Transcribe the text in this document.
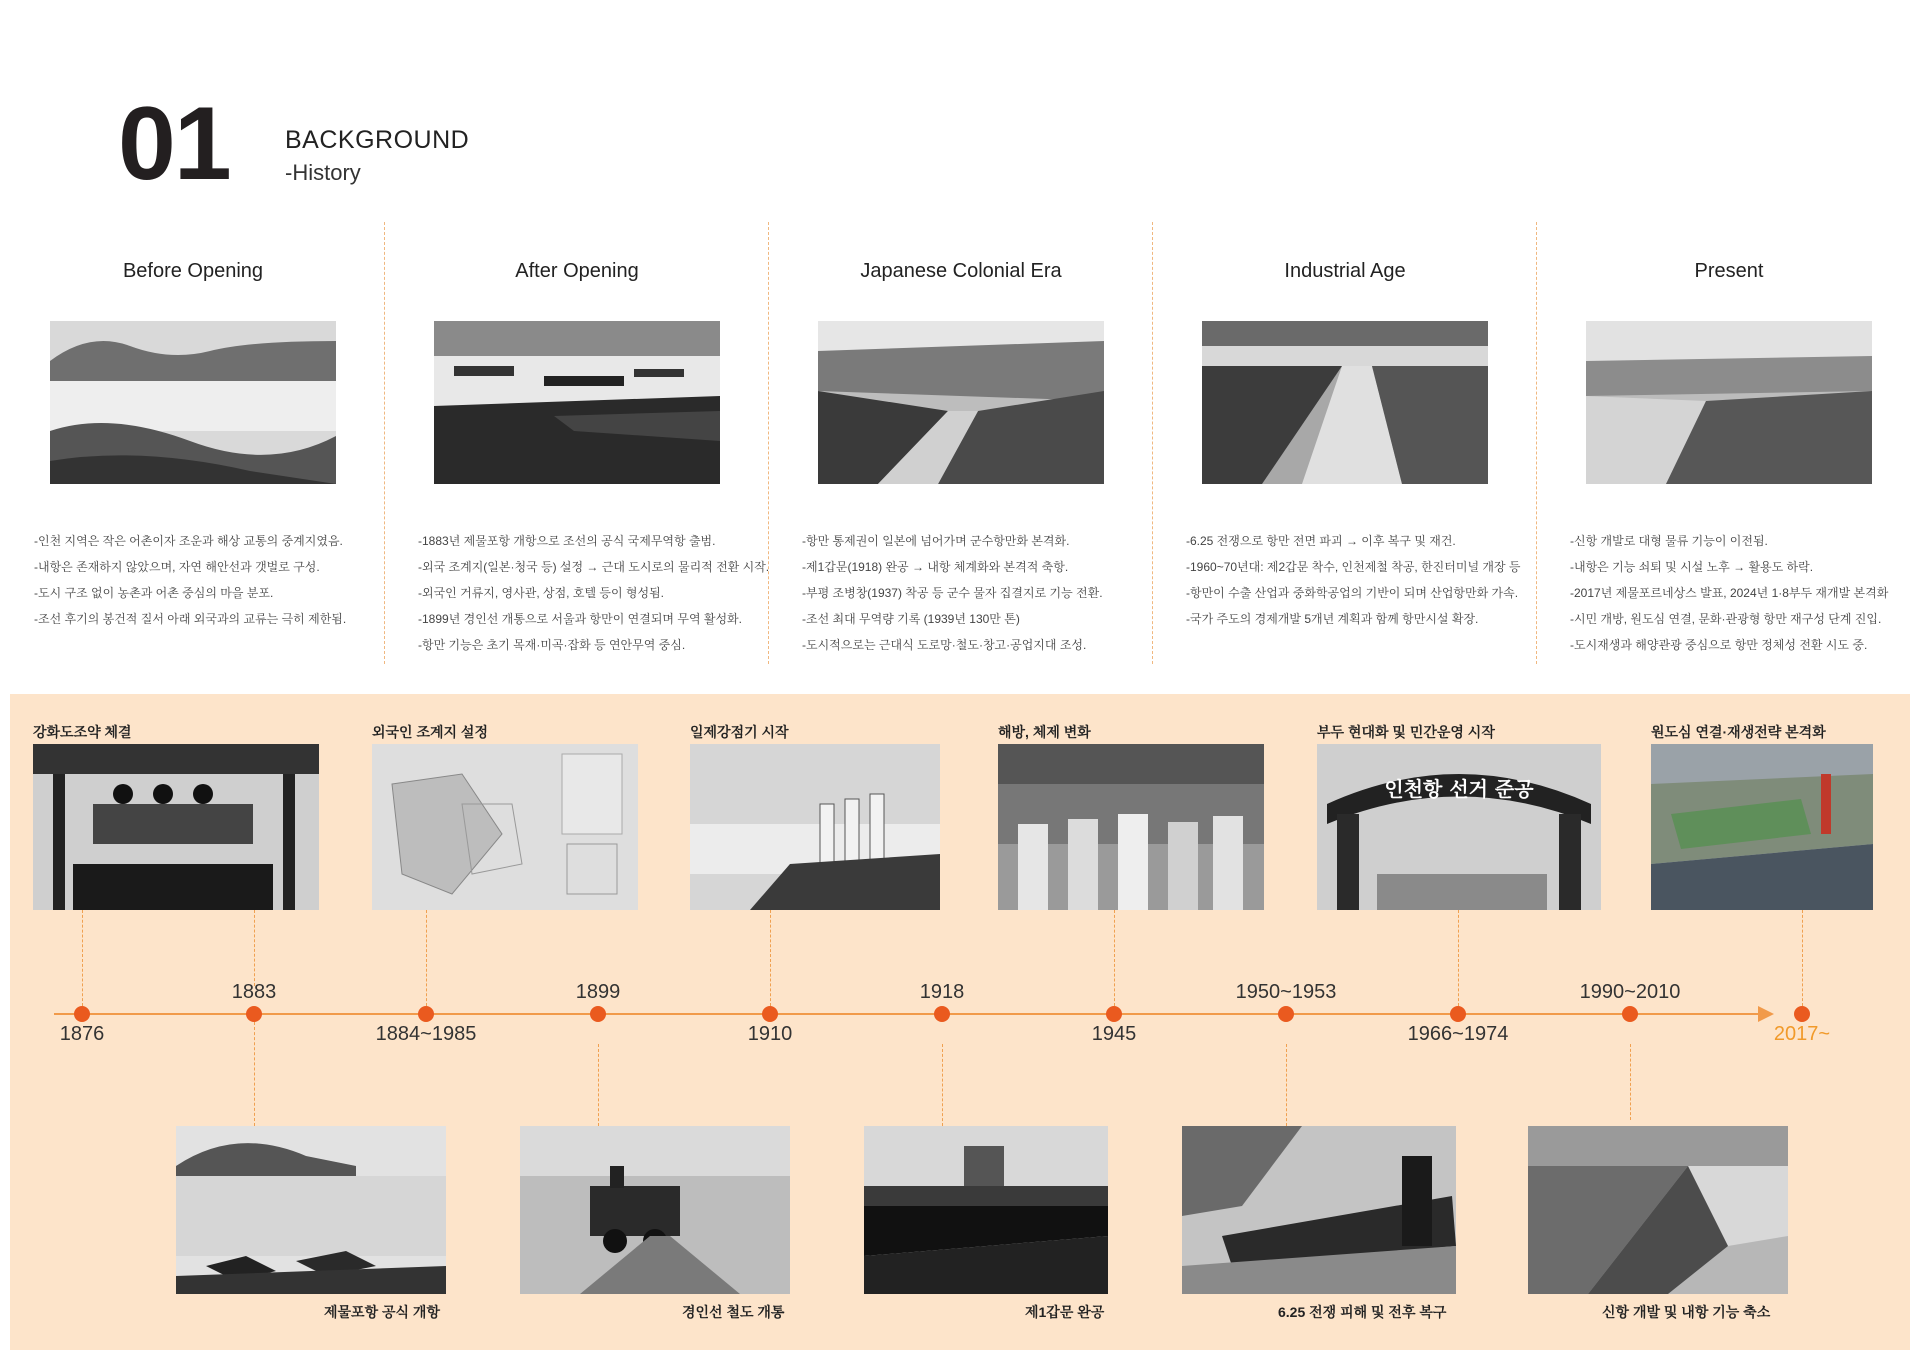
01 BACKGROUND
-History
Before Opening
-인천 지역은 작은 어촌이자 조운과 해상 교통의 중계지였음.
-내항은 존재하지 않았으며, 자연 해안선과 갯벌로 구성.
-도시 구조 없이 농촌과 어촌 중심의 마을 분포.
-조선 후기의 봉건적 질서 아래 외국과의 교류는 극히 제한됨.
After Opening
-1883년 제물포항 개항으로 조선의 공식 국제무역항 출범.
-외국 조계지(일본·청국 등) 설정 → 근대 도시로의 물리적 전환 시작.
-외국인 거류지, 영사관, 상점, 호텔 등이 형성됨.
-1899년 경인선 개통으로 서울과 항만이 연결되며 무역 활성화.
-항만 기능은 초기 목재·미곡·잡화 등 연안무역 중심.
Japanese Colonial Era
-항만 통제권이 일본에 넘어가며 군수항만화 본격화.
-제1갑문(1918) 완공 → 내항 체계화와 본격적 축항.
-부평 조병창(1937) 착공 등 군수 물자 집결지로 기능 전환.
-조선 최대 무역량 기록 (1939년 130만 톤)
-도시적으로는 근대식 도로망·철도·창고·공업지대 조성.
Industrial Age
-6.25 전쟁으로 항만 전면 파괴 → 이후 복구 및 재건.
-1960~70년대: 제2갑문 착수, 인천제철 착공, 한진터미널 개장 등
-항만이 수출 산업과 중화학공업의 기반이 되며 산업항만화 가속.
-국가 주도의 경제개발 5개년 계획과 함께 항만시설 확장.
Present
-신항 개발로 대형 물류 기능이 이전됨.
-내항은 기능 쇠퇴 및 시설 노후 → 활용도 하락.
-2017년 제물포르네상스 발표, 2024년 1·8부두 재개발 본격화
-시민 개방, 원도심 연결, 문화·관광형 항만 재구성 단계 진입.
-도시재생과 해양관광 중심으로 항만 정체성 전환 시도 중.
1876
1883
1884~1985
1899
1910
1918
1945
1950~1953
1966~1974
1990~2010
2017~
강화도조약 체결	외국인 조계지 설정	일제강점기 시작	해방, 체제 변화	부두 현대화 및 민간운영 시작
인천항 선거 준공
원도심 연결·재생전략 본격화
제물포항 공식 개항	경인선 철도 개통	제1갑문 완공	6.25 전쟁 피해 및 전후 복구	신항 개발 및 내항 기능 축소
